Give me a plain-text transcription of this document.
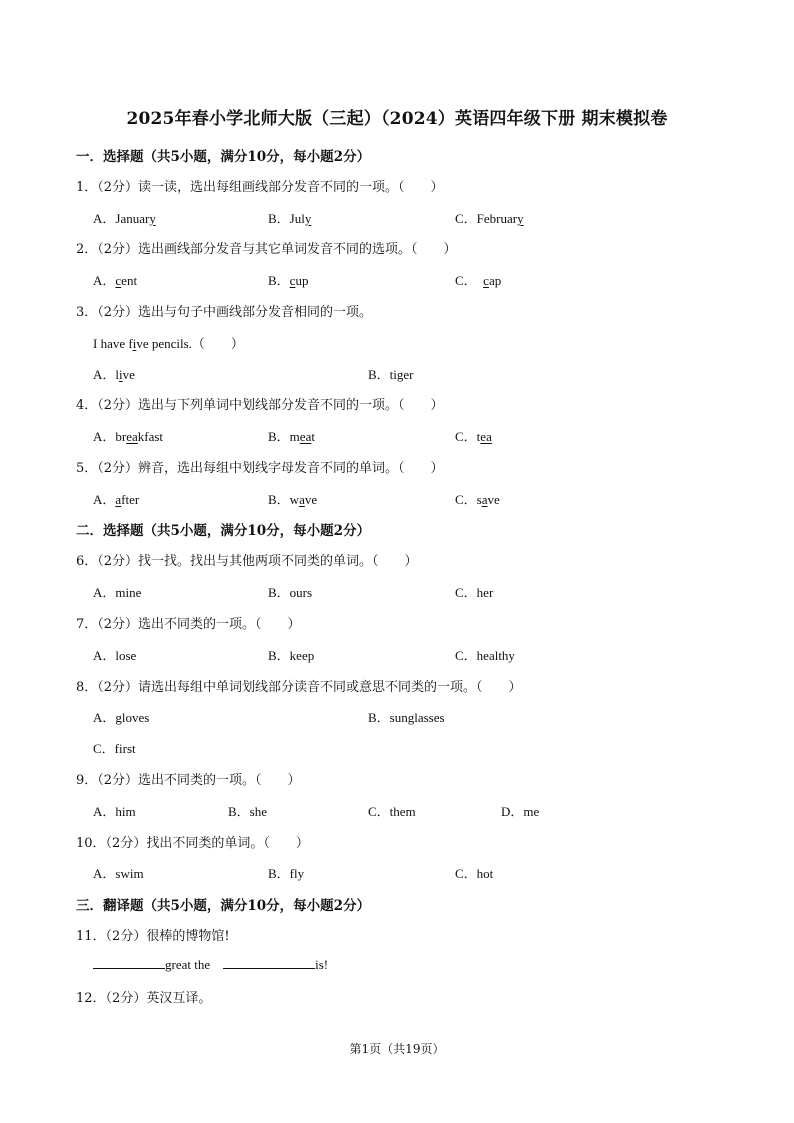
2025年春小学北师大版（三起）（2024）英语四年级下册 期末模拟卷
一．选择题（共5小题，满分10分，每小题2分）
1．（2分）读一读，选出每组画线部分发音不同的一项。（　　）
A．January	B．July	C．February
2．（2分）选出画线部分发音与其它单词发音不同的选项。（　　）
A．cent	B．cup	C． cap
3．（2分）选出与句子中画线部分发音相同的一项。
I have five pencils.（　　）
A．live	B．tiger
4．（2分）选出与下列单词中划线部分发音不同的一项。（　　）
A．breakfast	B．meat	C．tea
5．（2分）辨音，选出每组中划线字母发音不同的单词。（　　）
A．after	B．wave	C．save
二．选择题（共5小题，满分10分，每小题2分）
6．（2分）找一找。找出与其他两项不同类的单词。（　　）
A．mine	B．ours	C．her
7．（2分）选出不同类的一项。（　　）
A．lose	B．keep	C．healthy
8．（2分）请选出每组中单词划线部分读音不同或意思不同类的一项。（　　）
A．gloves	B．sunglasses
C．first
9．（2分）选出不同类的一项。（　　）
A．him	B．she	C．them	D．me
10．（2分）找出不同类的单词。（　　）
A．swim	B．fly	C．hot
三．翻译题（共5小题，满分10分，每小题2分）
11．（2分）很棒的博物馆!
great the	is!
12．（2分）英汉互译。
第1页（共19页）
